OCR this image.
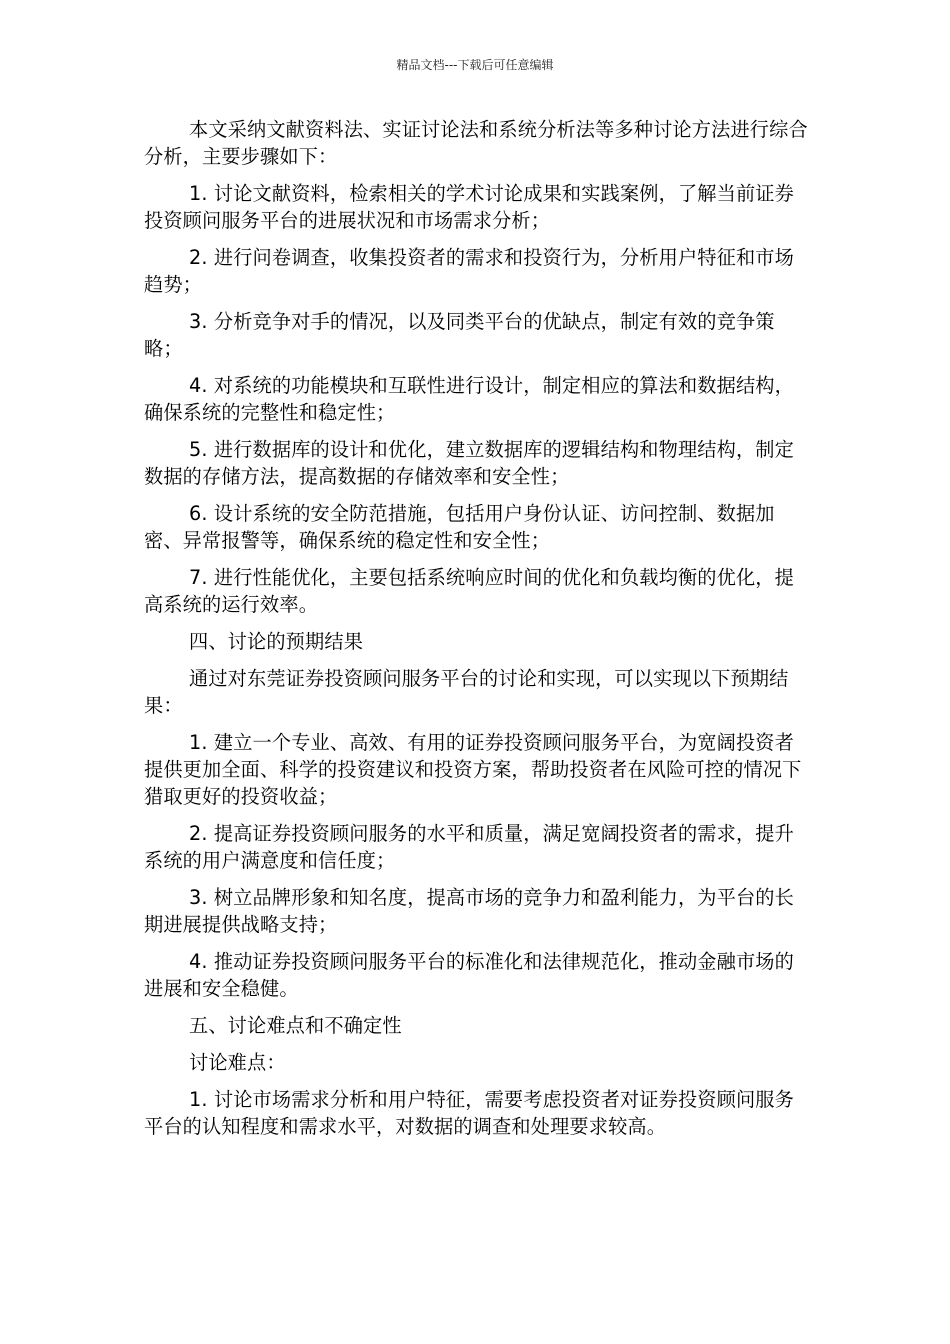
精品文档---下载后可任意编辑

本文采纳文献资料法、实证讨论法和系统分析法等多种讨论方法进行综合分析，主要步骤如下：

1. 讨论文献资料，检索相关的学术讨论成果和实践案例，了解当前证券投资顾问服务平台的进展状况和市场需求分析；

2. 进行问卷调查，收集投资者的需求和投资行为，分析用户特征和市场趋势；

3. 分析竞争对手的情况，以及同类平台的优缺点，制定有效的竞争策略；

4. 对系统的功能模块和互联性进行设计，制定相应的算法和数据结构，确保系统的完整性和稳定性；

5. 进行数据库的设计和优化，建立数据库的逻辑结构和物理结构，制定数据的存储方法，提高数据的存储效率和安全性；

6. 设计系统的安全防范措施，包括用户身份认证、访问控制、数据加密、异常报警等，确保系统的稳定性和安全性；

7. 进行性能优化，主要包括系统响应时间的优化和负载均衡的优化，提高系统的运行效率。

四、讨论的预期结果

通过对东莞证券投资顾问服务平台的讨论和实现，可以实现以下预期结果：

1. 建立一个专业、高效、有用的证券投资顾问服务平台，为宽阔投资者提供更加全面、科学的投资建议和投资方案，帮助投资者在风险可控的情况下猎取更好的投资收益；

2. 提高证券投资顾问服务的水平和质量，满足宽阔投资者的需求，提升系统的用户满意度和信任度；

3. 树立品牌形象和知名度，提高市场的竞争力和盈利能力，为平台的长期进展提供战略支持；

4. 推动证券投资顾问服务平台的标准化和法律规范化，推动金融市场的进展和安全稳健。

五、讨论难点和不确定性

讨论难点：

1. 讨论市场需求分析和用户特征，需要考虑投资者对证券投资顾问服务平台的认知程度和需求水平，对数据的调查和处理要求较高。
